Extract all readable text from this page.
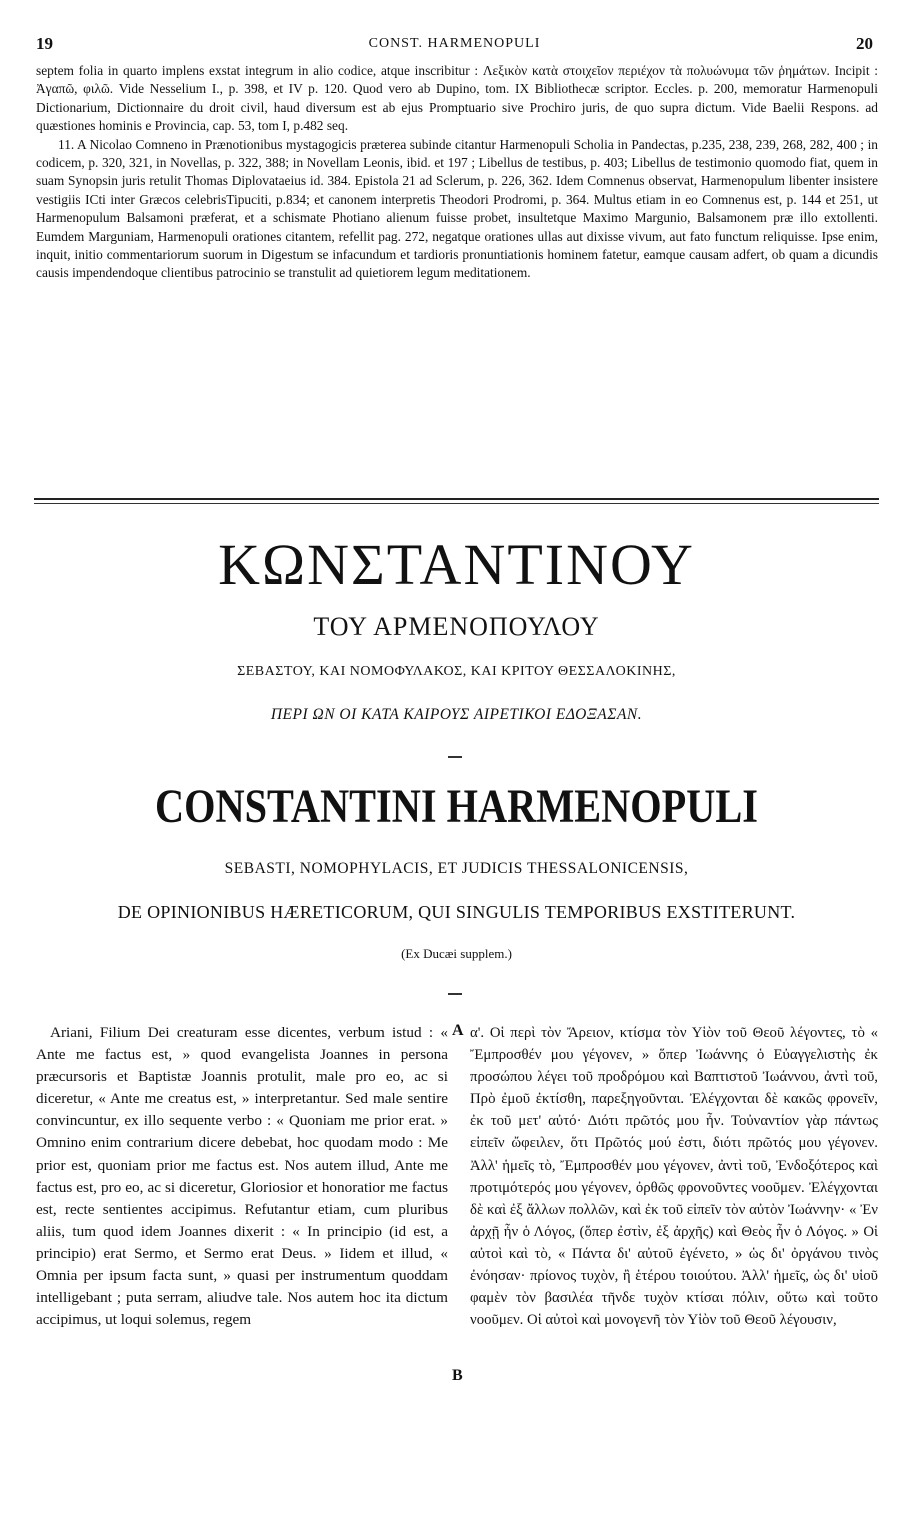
19	CONST. HARMENOPULI	20

septem folia in quarto implens exstat integrum in alio codice, atque inscribitur : Λεξικὸν κατὰ στοιχεῖον περιέχον τὰ πολυώνυμα τῶν ῥημάτων. Incipit : Ἀγαπῶ, φιλῶ. Vide Nesselium I., p. 398, et IV p. 120. Quod vero ab Dupino, tom. IX Bibliothecæ scriptor. Eccles. p. 200, memoratur Harmenopuli Dictionarium, Dictionnaire du droit civil, haud diversum est ab ejus Promptuario sive Prochiro juris, de quo supra dictum. Vide Baelii Respons. ad quæstiones hominis e Provincia, cap. 53, tom I, p.482 seq.

11. A Nicolao Comneno in Prænotionibus mystagogicis præterea subinde citantur Harmenopuli Scholia in Pandectas, p.235, 238, 239, 268, 282, 400 ; in codicem, p. 320, 321, in Novellas, p. 322, 388; in Novellam Leonis, ibid. et 197 ; Libellus de testibus, p. 403; Libellus de testimonio quomodo fiat, quem in suam Synopsin juris retulit Thomas Diplovataeius id. 384. Epistola 21 ad Sclerum, p. 226, 362. Idem Comnenus observat, Harmenopulum libenter insistere vestigiis ICti inter Græcos celebrisTipuciti, p.834; et canonem interpretis Theodori Prodromi, p. 364. Multus etiam in eo Comnenus est, p. 144 et 251, ut Harmenopulum Balsamoni præferat, et a schismate Photiano alienum fuisse probet, insultetque Maximo Margunio, Balsamonem præ illo extollenti. Eumdem Marguniam, Harmenopuli orationes citantem, refellit pag. 272, negatque orationes ullas aut dixisse vivum, aut fato functum reliquisse. Ipse enim, inquit, initio commentariorum suorum in Digestum se infacundum et tardioris pronuntiationis hominem fatetur, eamque causam adfert, ob quam a dicundis causis impendendoque clientibus patrocinio se transtulit ad quietiorem legum meditationem.

ΚΩΝΣΤΑΝΤΙΝΟΥ
ΤΟΥ ΑΡΜΕΝΟΠΟΥΛΟΥ
ΣΕΒΑΣΤΟΥ, ΚΑΙ ΝΟΜΟΦΥΛΑΚΟΣ, ΚΑΙ ΚΡΙΤΟΥ ΘΕΣΣΑΛΟΚΙΝΗΣ,
ΠΕΡΙ ΩΝ ΟΙ ΚΑΤΑ ΚΑΙΡΟΥΣ ΑΙΡΕΤΙΚΟΙ ΕΔΟΞΑΣΑΝ.
CONSTANTINI HARMENOPULI
SEBASTI, NOMOPHYLACIS, ET JUDICIS THESSALONICENSIS,
DE OPINIONIBUS HÆRETICORUM, QUI SINGULIS TEMPORIBUS EXSTITERUNT.
(Ex Ducæi supplem.)

Ariani, Filium Dei creaturam esse dicentes, verbum istud : « Ante me factus est, » quod evangelista Joannes in persona præcursoris et Baptistæ Joannis protulit, male pro eo, ac si diceretur, « Ante me creatus est, » interpretantur. Sed male sentire convincuntur, ex illo sequente verbo : « Quoniam me prior erat. » Omnino enim contrarium dicere debebat, hoc quodam modo : Me prior est, quoniam prior me factus est. Nos autem illud, Ante me factus est, pro eo, ac si diceretur, Gloriosior et honoratior me factus est, recte sentientes accipimus. Refutantur etiam, cum pluribus aliis, tum quod idem Joannes dixerit : « In principio (id est, a principio) erat Sermo, et Sermo erat Deus. » Iidem et illud, « Omnia per ipsum facta sunt, » quasi per instrumentum quoddam intelligebant ; puta serram, aliudve tale. Nos autem hoc ita dictum accipimus, ut loqui solemus, regem

A
B

α'. Οἱ περὶ τὸν Ἄρειον, κτίσμα τὸν Υἱὸν τοῦ Θεοῦ λέγοντες, τὸ « Ἔμπροσθέν μου γέγονεν, » ὅπερ Ἰωάννης ὁ Εὐαγγελιστὴς ἐκ προσώπου λέγει τοῦ προδρόμου καὶ Βαπτιστοῦ Ἰωάννου, ἀντὶ τοῦ, Πρὸ ἐμοῦ ἐκτίσθη, παρεξηγοῦνται. Ἐλέγχονται δὲ κακῶς φρονεῖν, ἐκ τοῦ μετ' αὐτό· Διότι πρῶτός μου ἦν. Τοὐναντίον γὰρ πάντως εἰπεῖν ὤφειλεν, ὅτι Πρῶτός μού ἐστι, διότι πρῶτός μου γέγονεν. Ἀλλ' ἡμεῖς τὸ, Ἔμπροσθέν μου γέγονεν, ἀντὶ τοῦ, Ἐνδοξότερος καὶ προτιμότερός μου γέγονεν, ὀρθῶς φρονοῦντες νοοῦμεν. Ἐλέγχονται δὲ καὶ ἐξ ἄλλων πολλῶν, καὶ ἐκ τοῦ εἰπεῖν τὸν αὐτὸν Ἰωάννην· « Ἐν ἀρχῇ ἦν ὁ Λόγος, (ὅπερ ἐστὶν, ἐξ ἀρχῆς) καὶ Θεὸς ἦν ὁ Λόγος. » Οἱ αὐτοὶ καὶ τὸ, « Πάντα δι' αὐτοῦ ἐγένετο, » ὡς δι' ὀργάνου τινὸς ἐνόησαν· πρίονος τυχὸν, ἢ ἑτέρου τοιούτου. Ἀλλ' ἡμεῖς, ὡς δι' υἱοῦ φαμὲν τὸν βασιλέα τῆνδε τυχὸν κτίσαι πόλιν, οὕτω καὶ τοῦτο νοοῦμεν. Οἱ αὐτοὶ καὶ μονογενῆ τὸν Υἱὸν τοῦ Θεοῦ λέγουσιν,
